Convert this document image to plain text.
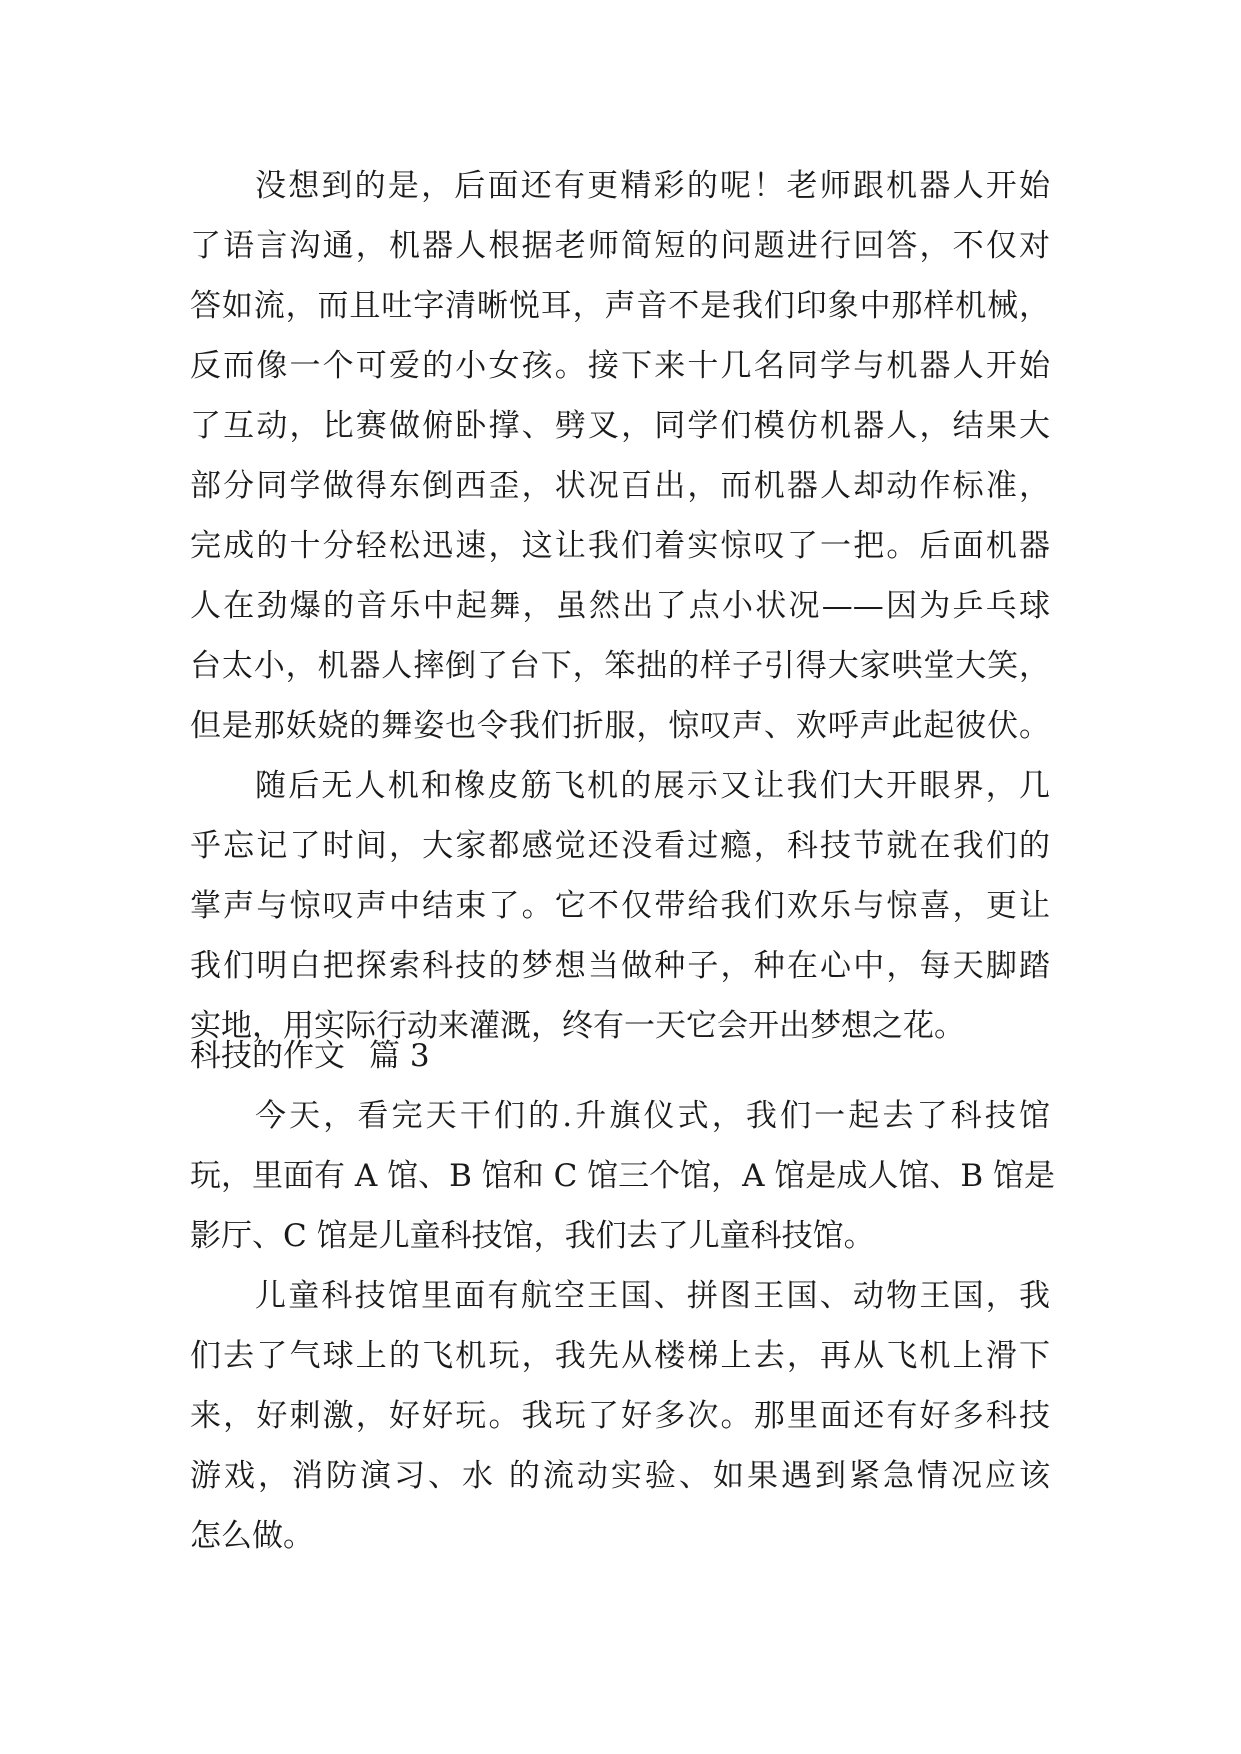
没想到的是，后面还有更精彩的呢！老师跟机器人开始
了语言沟通，机器人根据老师简短的问题进行回答，不仅对
答如流，而且吐字清晰悦耳，声音不是我们印象中那样机械，
反而像一个可爱的小女孩。接下来十几名同学与机器人开始
了互动，比赛做俯卧撑、劈叉，同学们模仿机器人，结果大
部分同学做得东倒西歪，状况百出，而机器人却动作标准，
完成的十分轻松迅速，这让我们着实惊叹了一把。后面机器
人在劲爆的音乐中起舞，虽然出了点小状况——因为乒乓球
台太小，机器人摔倒了台下，笨拙的样子引得大家哄堂大笑，
但是那妖娆的舞姿也令我们折服，惊叹声、欢呼声此起彼伏。
随后无人机和橡皮筋飞机的展示又让我们大开眼界，几
乎忘记了时间，大家都感觉还没看过瘾，科技节就在我们的
掌声与惊叹声中结束了。它不仅带给我们欢乐与惊喜，更让
我们明白把探索科技的梦想当做种子，种在心中，每天脚踏
实地，用实际行动来灌溉，终有一天它会开出梦想之花。
科技的作文 篇 3
今天，看完天干们的.升旗仪式，我们一起去了科技馆
玩，里面有 A 馆、B 馆和 C 馆三个馆，A 馆是成人馆、B 馆是
影厅、C 馆是儿童科技馆，我们去了儿童科技馆。
儿童科技馆里面有航空王国、拼图王国、动物王国，我
们去了气球上的飞机玩，我先从楼梯上去，再从飞机上滑下
来，好刺激，好好玩。我玩了好多次。那里面还有好多科技
游戏，消防演习、水 的流动实验、如果遇到紧急情况应该
怎么做。
